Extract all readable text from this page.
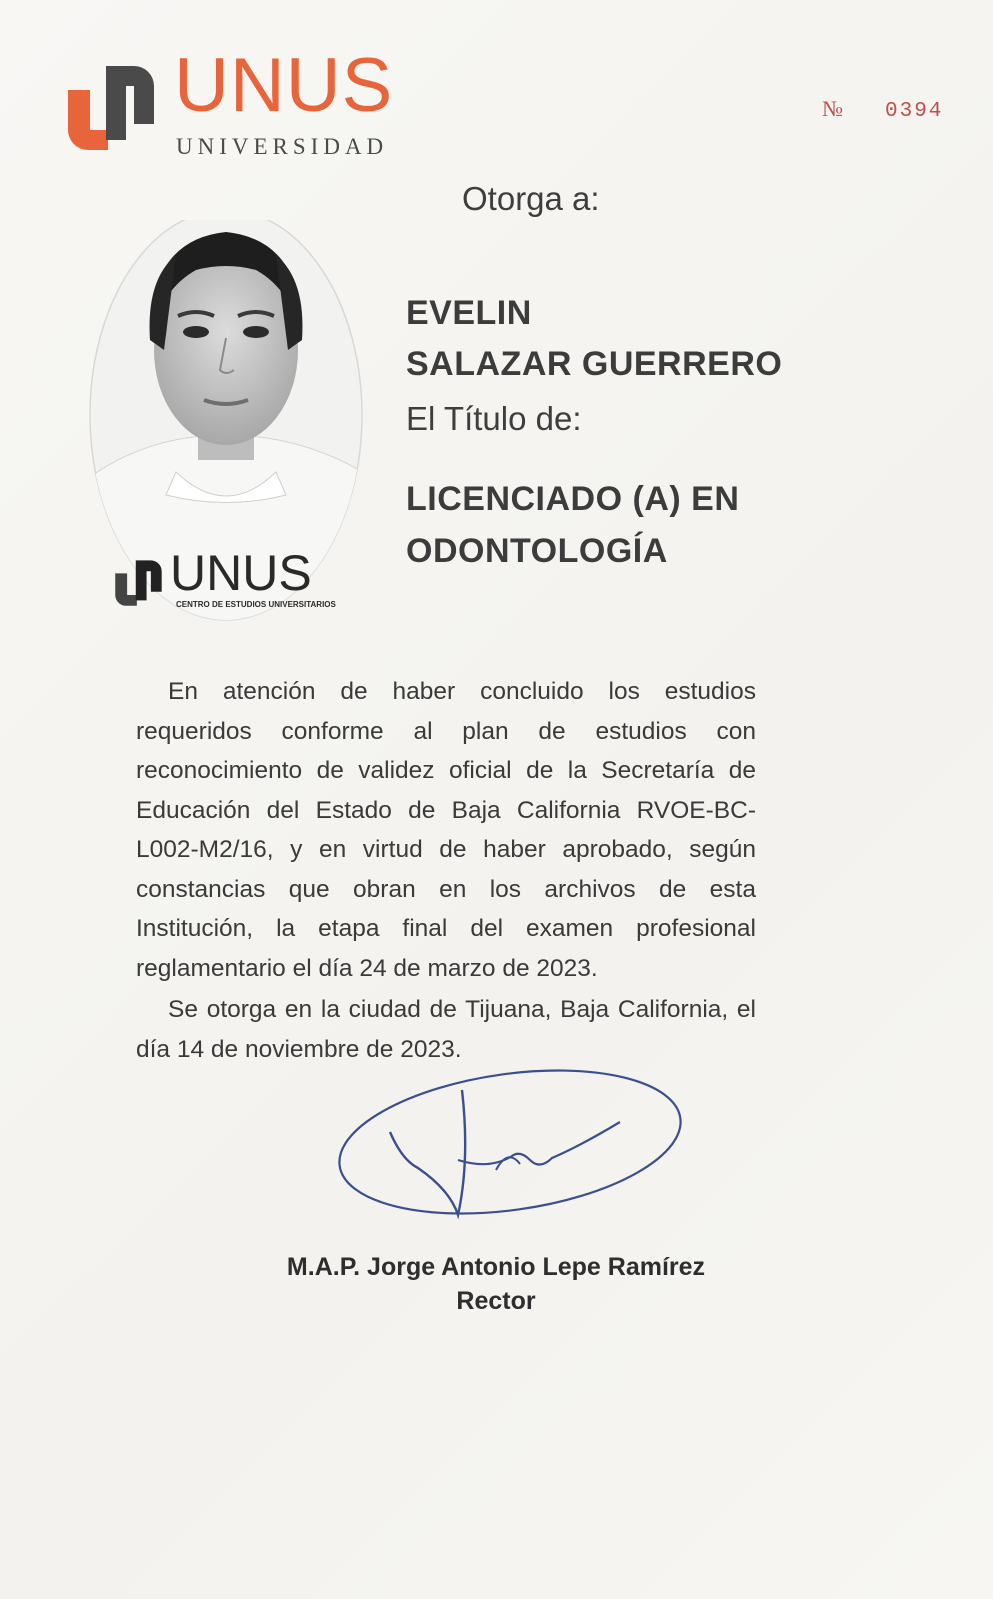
UNUS
UNIVERSIDAD
№ 0394
Otorga a:
UNUS
CENTRO DE ESTUDIOS UNIVERSITARIOS
EVELIN
SALAZAR GUERRERO
El Título de:
LICENCIADO (A) EN
ODONTOLOGÍA

En atención de haber concluido los estudios requeridos conforme al plan de estudios con reconocimiento de validez oficial de la Secretaría de Educación del Estado de Baja California RVOE-BC-L002-M2/16, y en virtud de haber aprobado, según constancias que obran en los archivos de esta Institución, la etapa final del examen profesional reglamentario el día 24 de marzo de 2023.

Se otorga en la ciudad de Tijuana, Baja California, el día 14 de noviembre de 2023.

M.A.P. Jorge Antonio Lepe Ramírez
Rector
